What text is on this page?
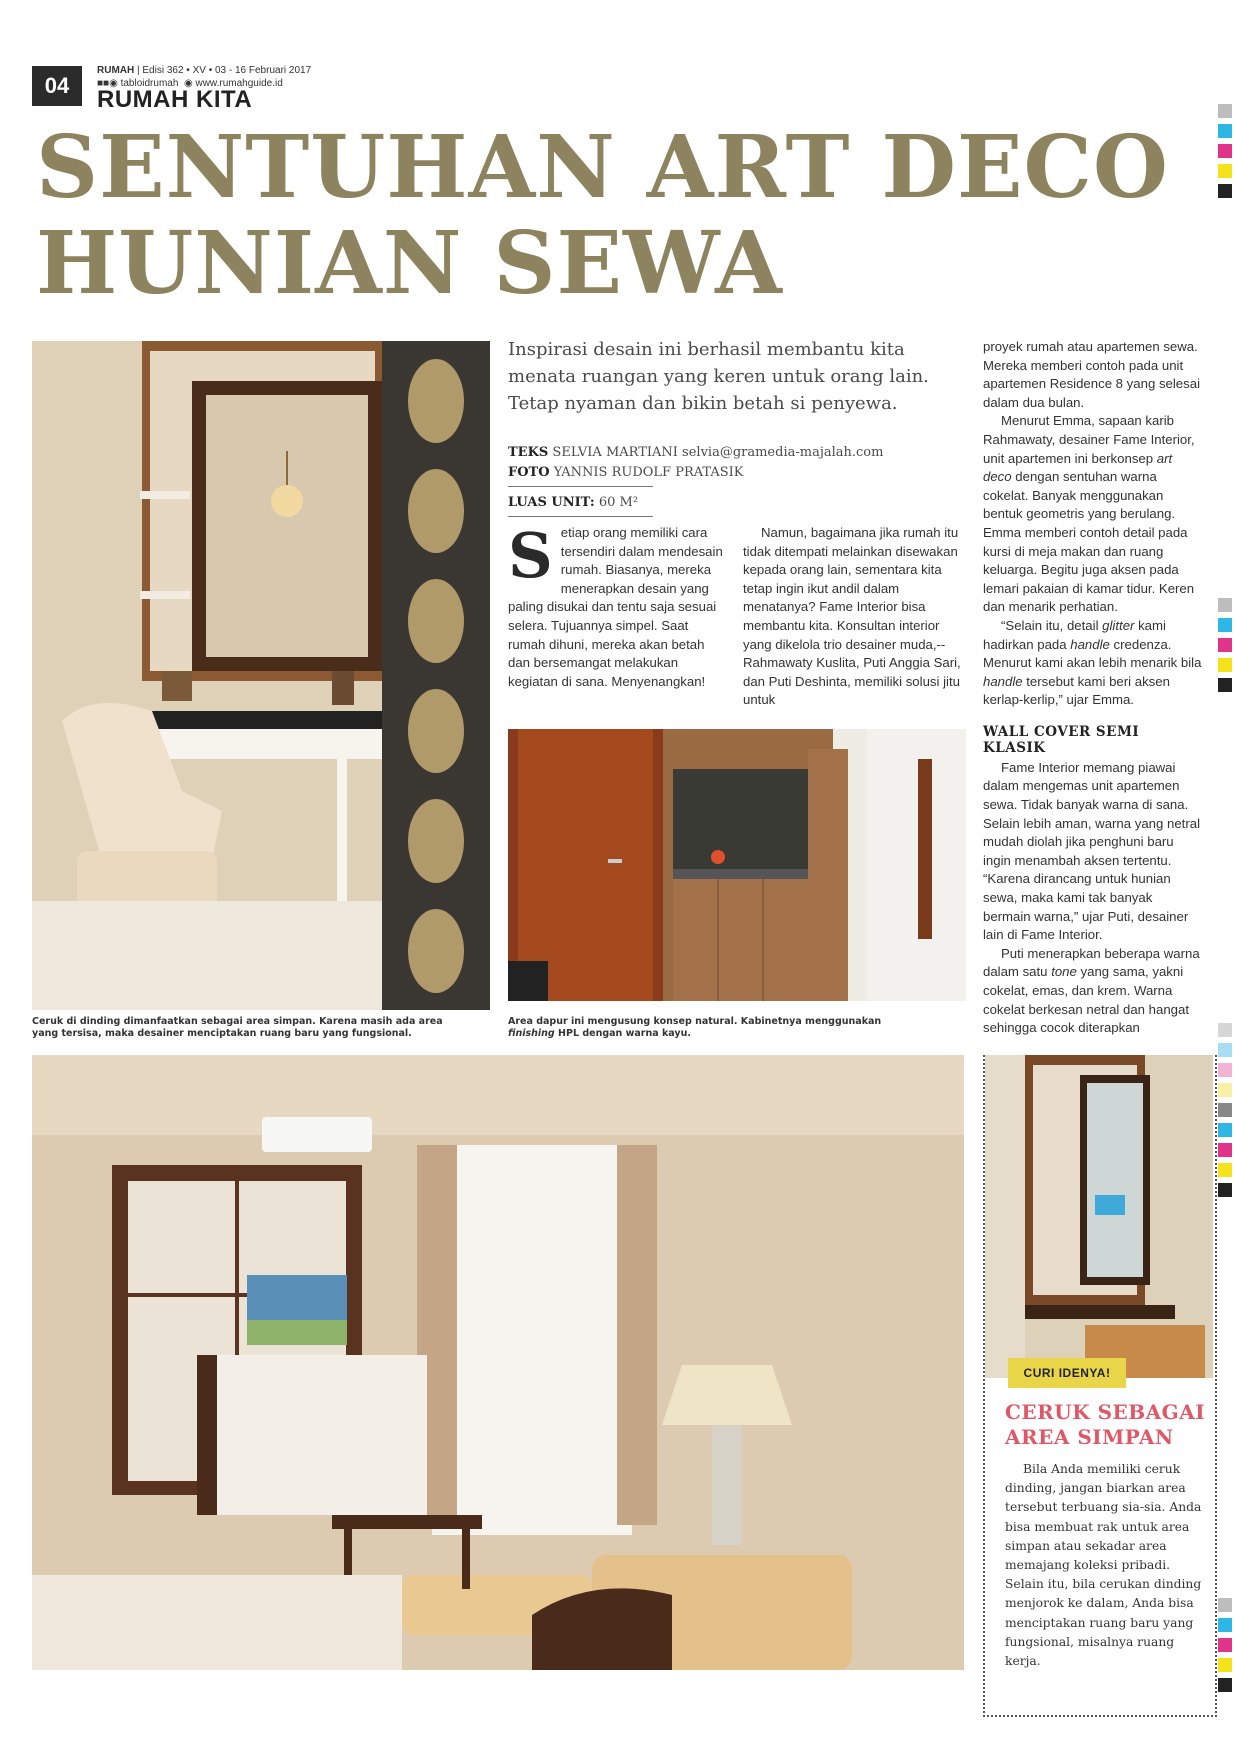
04
RUMAH | Edisi 362 • XV • 03 - 16 Februari 2017
■■◉ tabloidrumah ◉ www.rumahguide.id
RUMAH KITA
SENTUHAN ART DECO
HUNIAN SEWA
Ceruk di dinding dimanfaatkan sebagai area simpan. Karena masih ada area yang tersisa, maka desainer menciptakan ruang baru yang fungsional.
Inspirasi desain ini berhasil membantu kita menata ruangan yang keren untuk orang lain. Tetap nyaman dan bikin betah si penyewa.
TEKS SELVIA MARTIANI selvia@gramedia-majalah.com
FOTO YANNIS RUDOLF PRATASIK
LUAS UNIT: 60 M²
S etiap orang memiliki cara tersendiri dalam mendesain rumah. Biasanya, mereka menerapkan desain yang paling disukai dan tentu saja sesuai selera. Tujuannya simpel. Saat rumah dihuni, mereka akan betah dan bersemangat melakukan kegiatan di sana. Menyenangkan!

Namun, bagaimana jika rumah itu tidak ditempati melainkan disewakan kepada orang lain, sementara kita tetap ingin ikut andil dalam menatanya? Fame Interior bisa membantu kita. Konsultan interior yang dikelola trio desainer muda,--Rahmawaty Kuslita, Puti Anggia Sari, dan Puti Deshinta, memiliki solusi jitu untuk

Area dapur ini mengusung konsep natural. Kabinetnya menggunakan finishing HPL dengan warna kayu.

proyek rumah atau apartemen sewa. Mereka memberi contoh pada unit apartemen Residence 8 yang selesai dalam dua bulan.

Menurut Emma, sapaan karib Rahmawaty, desainer Fame Interior, unit apartemen ini berkonsep art deco dengan sentuhan warna cokelat. Banyak menggunakan bentuk geometris yang berulang. Emma memberi contoh detail pada kursi di meja makan dan ruang keluarga. Begitu juga aksen pada lemari pakaian di kamar tidur. Keren dan menarik perhatian.

“Selain itu, detail glitter kami hadirkan pada handle credenza. Menurut kami akan lebih menarik bila handle tersebut kami beri aksen kerlap-kerlip,” ujar Emma.

WALL COVER SEMI KLASIK

Fame Interior memang piawai dalam mengemas unit apartemen sewa. Tidak banyak warna di sana. Selain lebih aman, warna yang netral mudah diolah jika penghuni baru ingin menambah aksen tertentu. “Karena dirancang untuk hunian sewa, maka kami tak banyak bermain warna,” ujar Puti, desainer lain di Fame Interior.

Puti menerapkan beberapa warna dalam satu tone yang sama, yakni cokelat, emas, dan krem. Warna cokelat berkesan netral dan hangat sehingga cocok diterapkan

CURI IDENYA!
CERUK SEBAGAI AREA SIMPAN
Bila Anda memiliki ceruk dinding, jangan biarkan area tersebut terbuang sia-sia. Anda bisa membuat rak untuk area simpan atau sekadar area memajang koleksi pribadi. Selain itu, bila cerukan dinding menjorok ke dalam, Anda bisa menciptakan ruang baru yang fungsional, misalnya ruang kerja.
